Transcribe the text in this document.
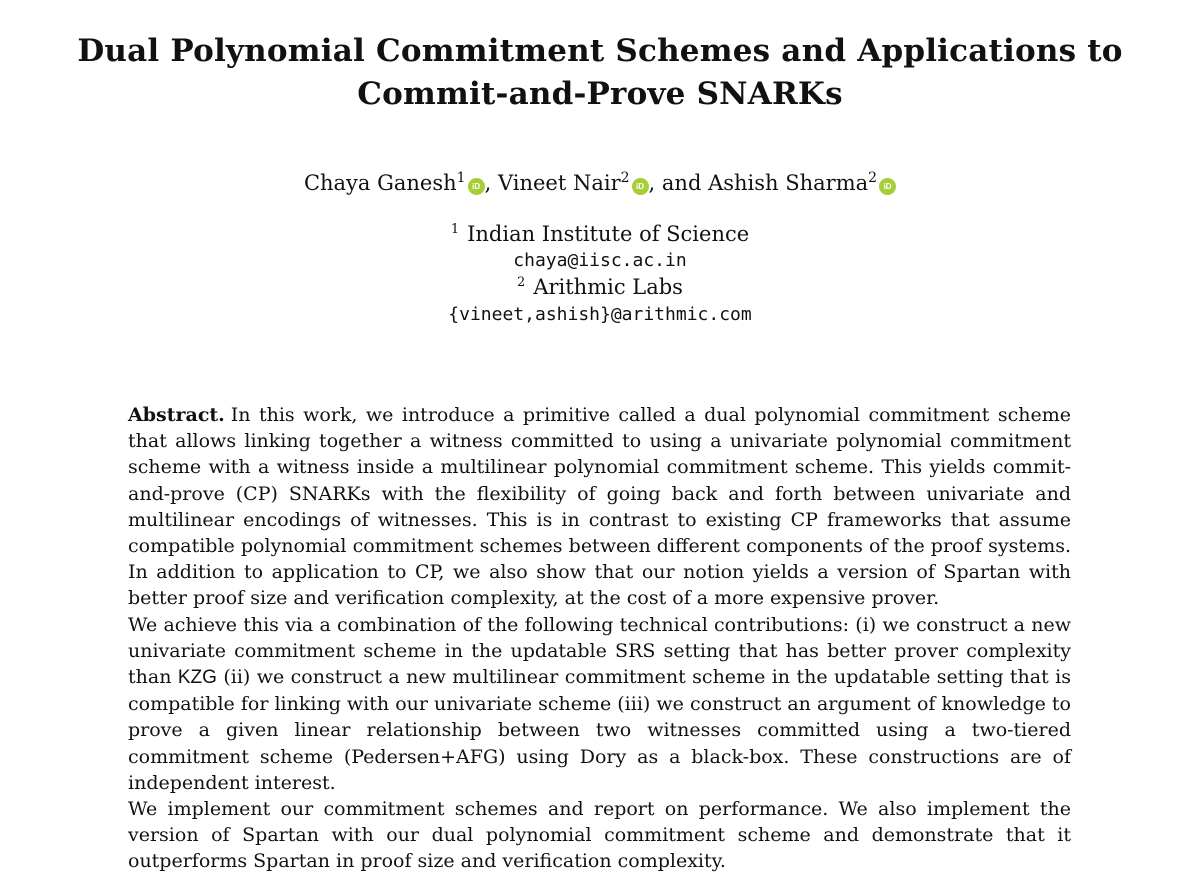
Dual Polynomial Commitment Schemes and Applications to
Commit-and-Prove SNARKs
Chaya Ganesh$^1$iD , Vineet Nair$^2$iD , and Ashish Sharma$^2$iD
$^1$ Indian Institute of Science
chaya@iisc.ac.in
$^2$ Arithmic Labs
{vineet,ashish}@arithmic.com

Abstract. In this work, we introduce a primitive called a dual polynomial commitment scheme that allows linking together a witness committed to using a univariate polynomial commitment scheme with a witness inside a multilinear polynomial commitment scheme. This yields commit-and-prove (CP) SNARKs with the flexibility of going back and forth between univariate and multilinear encodings of witnesses. This is in contrast to existing CP frameworks that assume compatible polynomial commitment schemes between different components of the proof systems. In addition to application to CP, we also show that our notion yields a version of Spartan with better proof size and verification complexity, at the cost of a more expensive prover.

We achieve this via a combination of the following technical contributions: (i) we construct a new univariate commitment scheme in the updatable SRS setting that has better prover complexity than KZG (ii) we construct a new multilinear commitment scheme in the updatable setting that is compatible for linking with our univariate scheme (iii) we construct an argument of knowledge to prove a given linear relationship between two witnesses committed using a two-tiered commitment scheme (Pedersen+AFG) using Dory as a black-box. These constructions are of independent interest.

We implement our commitment schemes and report on performance. We also implement the version of Spartan with our dual polynomial commitment scheme and demonstrate that it outperforms Spartan in proof size and verification complexity.
